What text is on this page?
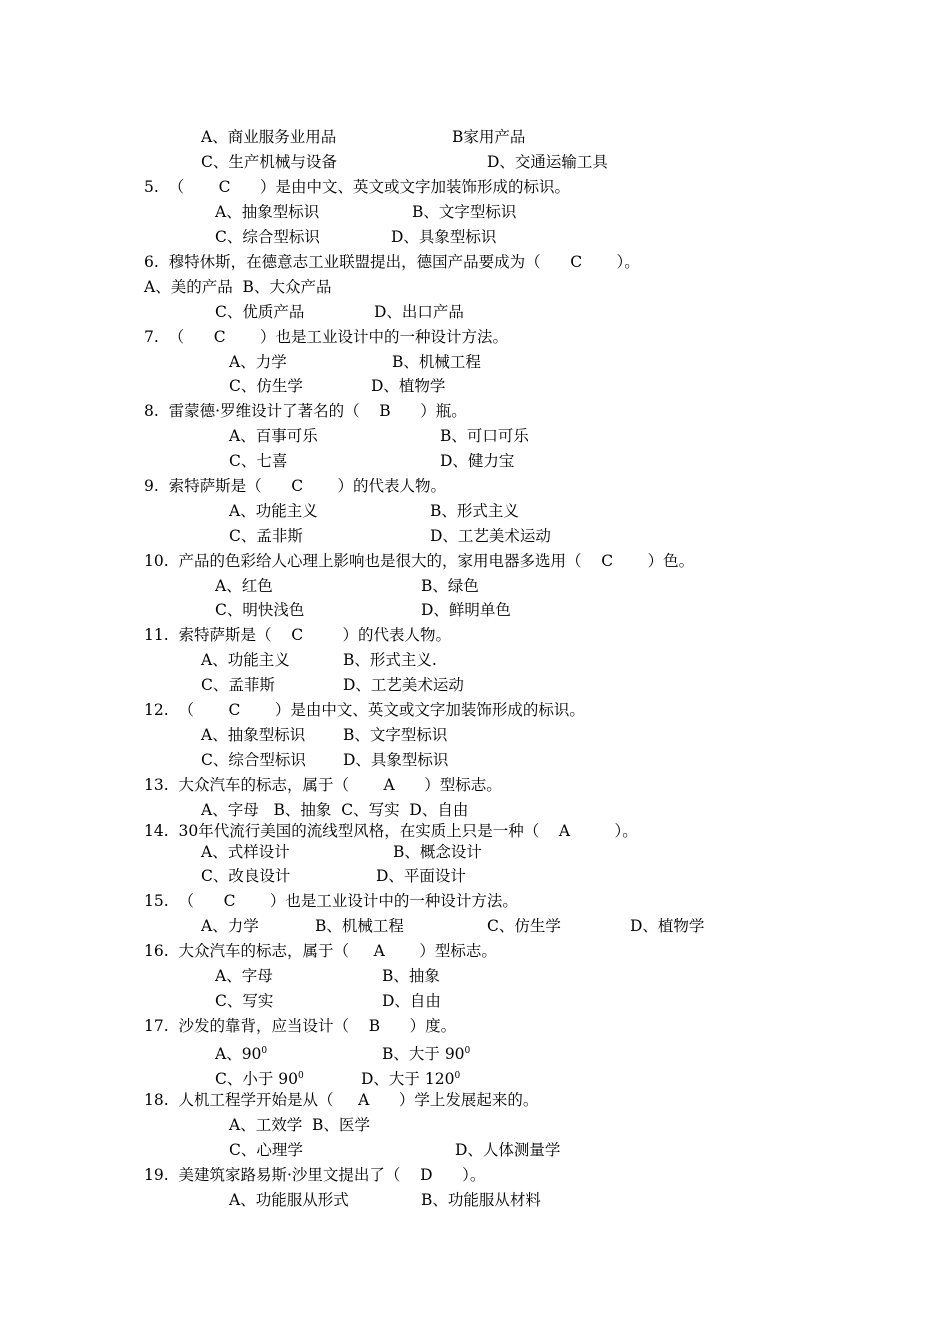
A、商业服务业用品	B家用产品
C、生产机械与设备	D、交通运输工具
5.  （       C      ）是由中文、英文或文字加装饰形成的标识。
A、抽象型标识	B、文字型标识
C、综合型标识	D、具象型标识
6.  穆特休斯，在德意志工业联盟提出，德国产品要成为（      C       ）。
A、美的产品  B、大众产品
C、优质产品	D、出口产品
7.  （      C       ）也是工业设计中的一种设计方法。
A、力学	B、机械工程
C、仿生学	D、植物学
8.  雷蒙德·罗维设计了著名的（    B      ）瓶。
A、百事可乐	B、可口可乐
C、七喜	D、健力宝
9.  索特萨斯是（      C       ）的代表人物。
A、功能主义	B、形式主义
C、孟非斯	D、工艺美术运动
10.  产品的色彩给人心理上影响也是很大的，家用电器多选用（    C       ）色。
A、红色	B、绿色
C、明快浅色	D、鲜明单色
11.  索特萨斯是（    C        ）的代表人物。
A、功能主义	B、形式主义.
C、孟菲斯	D、工艺美术运动
12.  （       C       ）是由中文、英文或文字加装饰形成的标识。
A、抽象型标识 B、文字型标识
C、综合型标识 D、具象型标识
13.  大众汽车的标志，属于（       A      ）型标志。
A、字母   B、抽象  C、写实  D、自由
14.  30年代流行美国的流线型风格，在实质上只是一种（    A         ）。
A、式样设计	B、概念设计
C、改良设计	D、平面设计
15.  （      C       ）也是工业设计中的一种设计方法。
A、力学	B、机械工程	C、仿生学	D、植物学
16.  大众汽车的标志，属于（     A       ）型标志。
A、字母	B、抽象
C、写实	D、自由
17.  沙发的靠背，应当设计（    B      ）度。
A、$90^0$	B、大于 $90^0$
C、小于 $90^0$	D、大于 $120^0$
18.  人机工程学开始是从（     A      ）学上发展起来的。
A、工效学  B、医学
C、心理学	D、人体测量学
19.  美建筑家路易斯·沙里文提出了（    D      ）。
A、功能服从形式	B、功能服从材料
